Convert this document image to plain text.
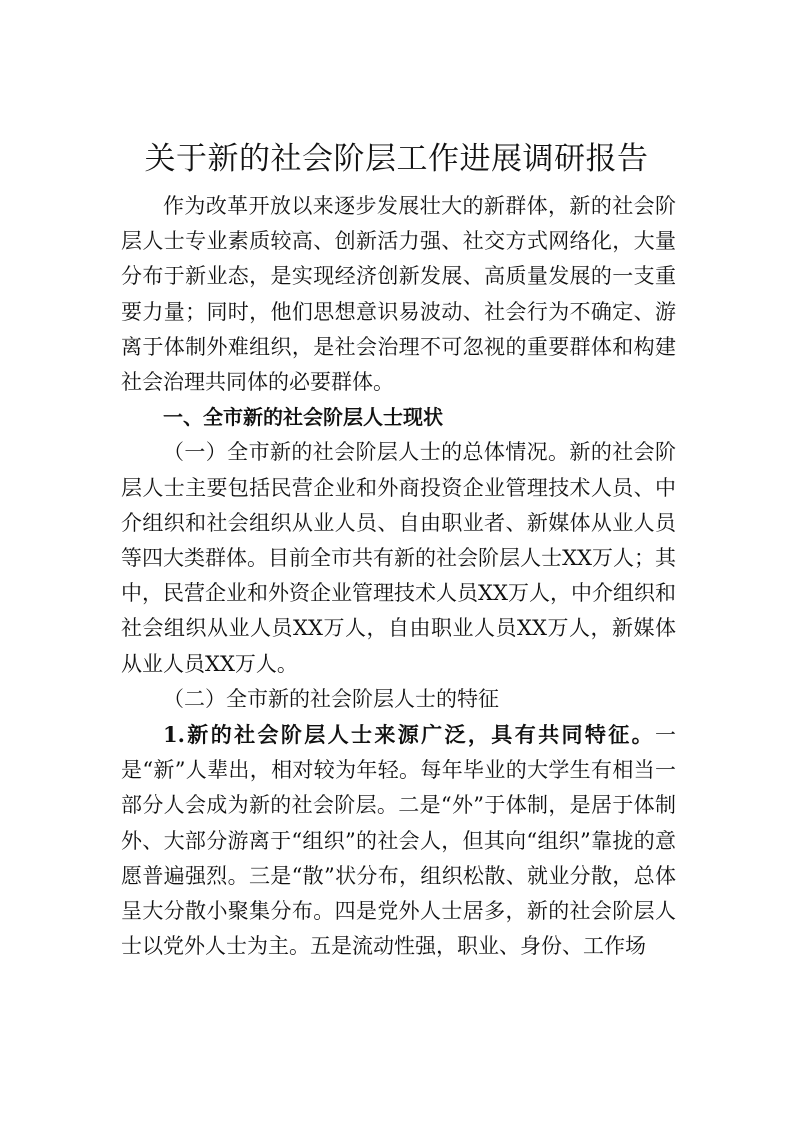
关于新的社会阶层工作进展调研报告

作为改革开放以来逐步发展壮大的新群体，新的社会阶层人士专业素质较高、创新活力强、社交方式网络化，大量分布于新业态，是实现经济创新发展、高质量发展的一支重要力量；同时，他们思想意识易波动、社会行为不确定、游离于体制外难组织，是社会治理不可忽视的重要群体和构建社会治理共同体的必要群体。

一、全市新的社会阶层人士现状

（一）全市新的社会阶层人士的总体情况。新的社会阶层人士主要包括民营企业和外商投资企业管理技术人员、中介组织和社会组织从业人员、自由职业者、新媒体从业人员等四大类群体。目前全市共有新的社会阶层人士XX万人；其中，民营企业和外资企业管理技术人员XX万人，中介组织和社会组织从业人员XX万人，自由职业人员XX万人，新媒体从业人员XX万人。

（二）全市新的社会阶层人士的特征

1.新的社会阶层人士来源广泛，具有共同特征。一是“新”人辈出，相对较为年轻。每年毕业的大学生有相当一部分人会成为新的社会阶层。二是“外”于体制，是居于体制外、大部分游离于“组织”的社会人，但其向“组织”靠拢的意愿普遍强烈。三是“散”状分布，组织松散、就业分散，总体呈大分散小聚集分布。四是党外人士居多，新的社会阶层人士以党外人士为主。五是流动性强，职业、身份、工作场
